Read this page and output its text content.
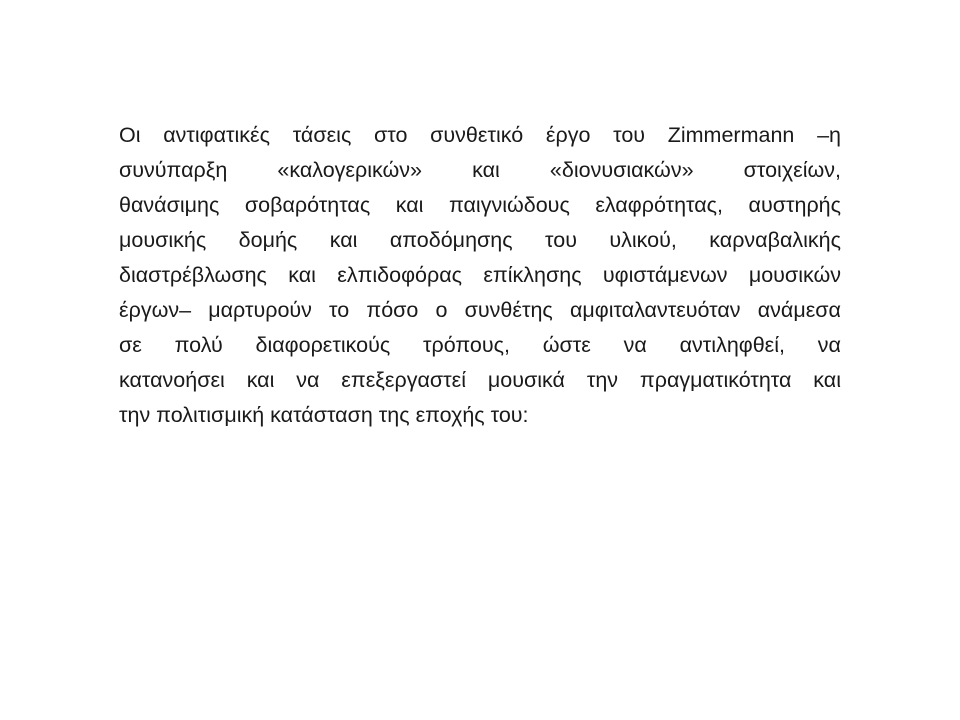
Οι αντιφατικές τάσεις στο συνθετικό έργο του Zimmermann –η
συνύπαρξη «καλογερικών» και «διονυσιακών» στοιχείων,
θανάσιμης σοβαρότητας και παιγνιώδους ελαφρότητας, αυστηρής
μουσικής δομής και αποδόμησης του υλικού, καρναβαλικής
διαστρέβλωσης και ελπιδοφόρας επίκλησης υφιστάμενων μουσικών
έργων– μαρτυρούν το πόσο ο συνθέτης αμφιταλαντευόταν ανάμεσα
σε πολύ διαφορετικούς τρόπους, ώστε να αντιληφθεί, να
κατανοήσει και να επεξεργαστεί μουσικά την πραγματικότητα και
την πολιτισμική κατάσταση της εποχής του:
